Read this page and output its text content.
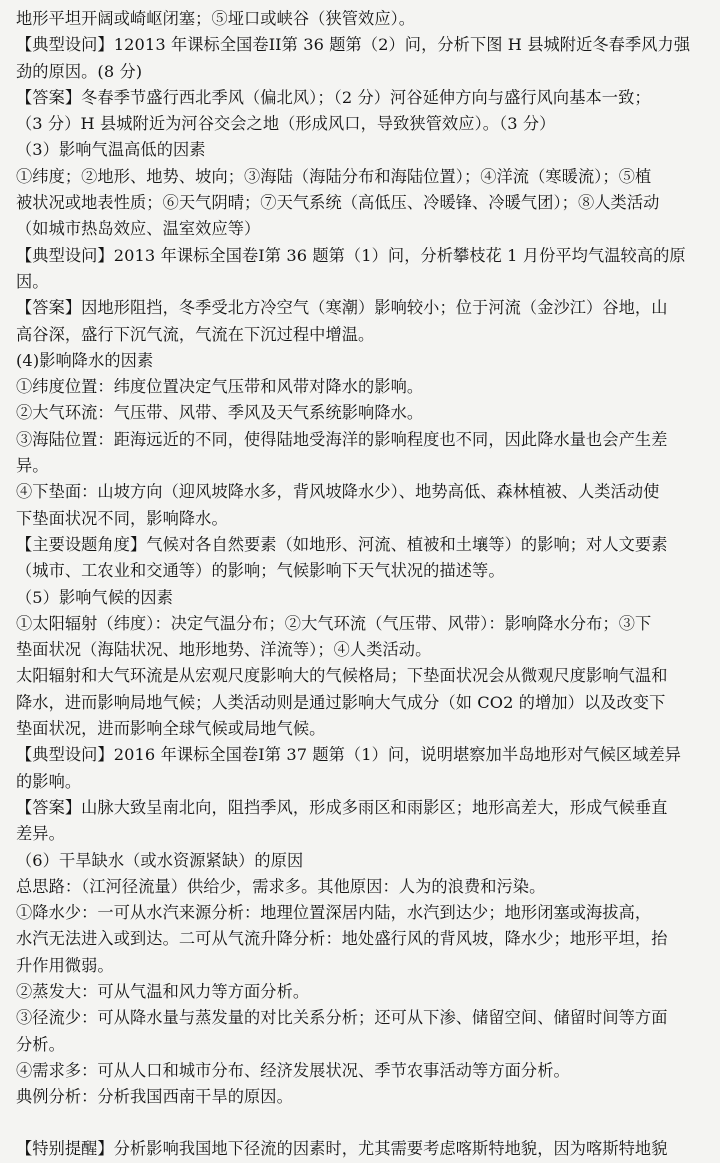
地形平坦开阔或崎岖闭塞；⑤垭口或峡谷（狭管效应）。
【典型设问】12013 年课标全国卷II第 36 题第（2）问，分析下图 H 县城附近冬春季风力强
劲的原因。(8 分)
【答案】冬春季节盛行西北季风（偏北风）；（2 分）河谷延伸方向与盛行风向基本一致；
（3 分）H 县城附近为河谷交会之地（形成风口，导致狭管效应）。（3 分）
（3）影响气温高低的因素
①纬度；②地形、地势、坡向；③海陆（海陆分布和海陆位置）；④洋流（寒暖流）；⑤植
被状况或地表性质；⑥天气阴晴；⑦天气系统（高低压、冷暖锋、冷暖气团）；⑧人类活动
（如城市热岛效应、温室效应等）
【典型设问】2013 年课标全国卷I第 36 题第（1）问，分析攀枝花 1 月份平均气温较高的原
因。
【答案】因地形阻挡，冬季受北方冷空气（寒潮）影响较小；位于河流（金沙江）谷地，山
高谷深，盛行下沉气流，气流在下沉过程中增温。
(4)影响降水的因素
①纬度位置：纬度位置决定气压带和风带对降水的影响。
②大气环流：气压带、风带、季风及天气系统影响降水。
③海陆位置：距海远近的不同，使得陆地受海洋的影响程度也不同，因此降水量也会产生差
异。
④下垫面：山坡方向（迎风坡降水多，背风坡降水少）、地势高低、森林植被、人类活动使
下垫面状况不同，影响降水。
【主要设题角度】气候对各自然要素（如地形、河流、植被和土壤等）的影响；对人文要素
（城市、工农业和交通等）的影响；气候影响下天气状况的描述等。
（5）影响气候的因素
①太阳辐射（纬度）：决定气温分布；②大气环流（气压带、风带）：影响降水分布；③下
垫面状况（海陆状况、地形地势、洋流等）；④人类活动。
太阳辐射和大气环流是从宏观尺度影响大的气候格局；下垫面状况会从微观尺度影响气温和
降水，进而影响局地气候；人类活动则是通过影响大气成分（如 CO2 的增加）以及改变下
垫面状况，进而影响全球气候或局地气候。
【典型设问】2016 年课标全国卷I第 37 题第（1）问，说明堪察加半岛地形对气候区域差异
的影响。
【答案】山脉大致呈南北向，阻挡季风，形成多雨区和雨影区；地形高差大，形成气候垂直
差异。
（6）干旱缺水（或水资源紧缺）的原因
总思路：（江河径流量）供给少，需求多。其他原因：人为的浪费和污染。
①降水少：一可从水汽来源分析：地理位置深居内陆，水汽到达少；地形闭塞或海拔高，
水汽无法进入或到达。二可从气流升降分析：地处盛行风的背风坡，降水少；地形平坦，抬
升作用微弱。
②蒸发大：可从气温和风力等方面分析。
③径流少：可从降水量与蒸发量的对比关系分析；还可从下渗、储留空间、储留时间等方面
分析。
④需求多：可从人口和城市分布、经济发展状况、季节农事活动等方面分析。
典例分析：分析我国西南干旱的原因。
【特别提醒】分析影响我国地下径流的因素时，尤其需要考虑喀斯特地貌，因为喀斯特地貌
